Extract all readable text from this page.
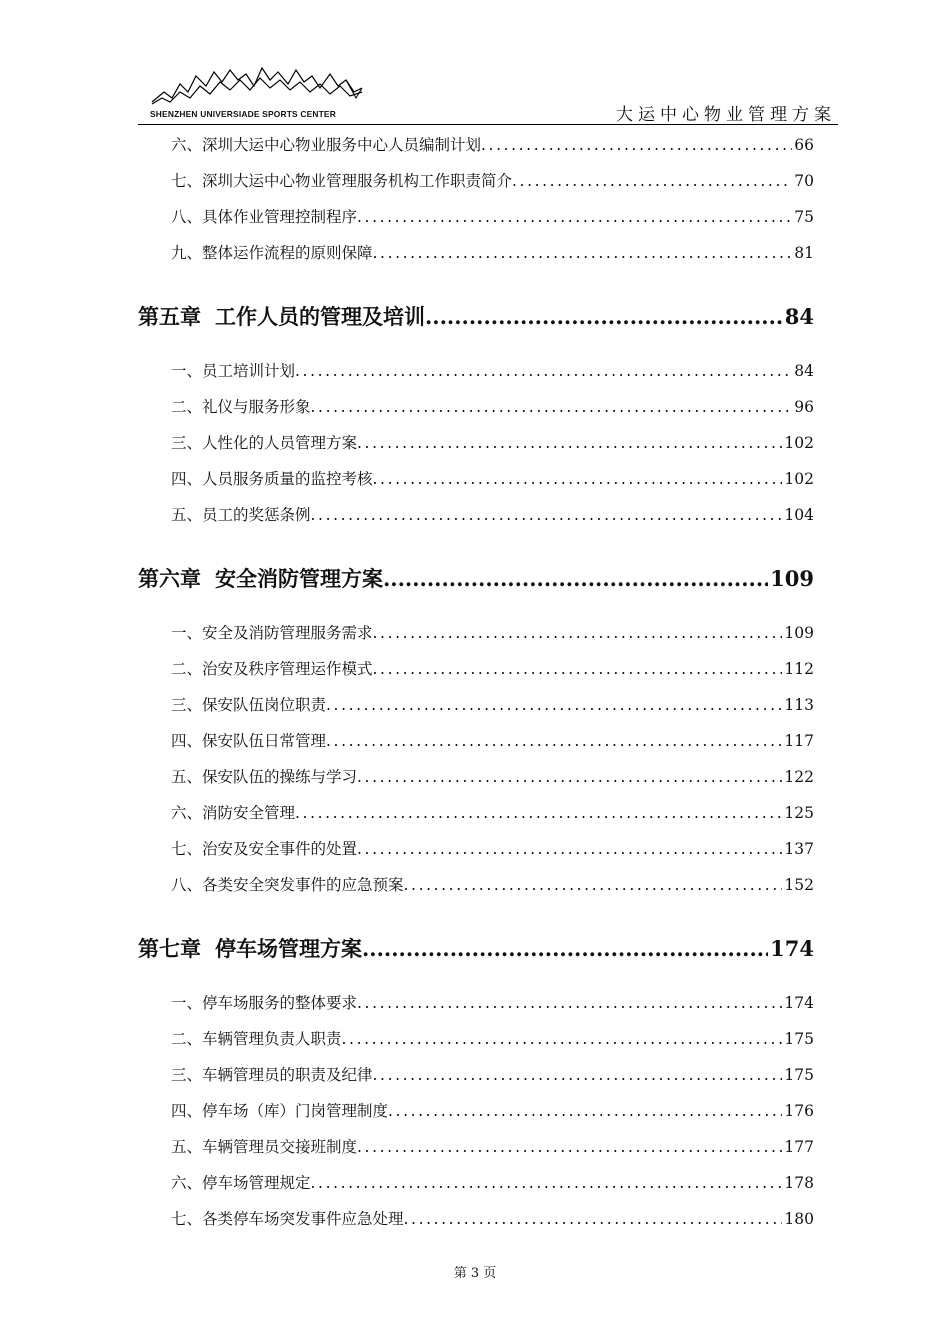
SHENZHEN UNIVERSIADE SPORTS CENTER	大运中心物业管理方案
六、深圳大运中心物业服务中心人员编制计划 .....	66
七、深圳大运中心物业管理服务机构工作职责简介 .....	70
八、具体作业管理控制程序 .....	75
九、整体运作流程的原则保障 .....	81
第五章 工作人员的管理及培训 .....	84
一、员工培训计划 .....	84
二、礼仪与服务形象 .....	96
三、人性化的人员管理方案 .....	102
四、人员服务质量的监控考核 .....	102
五、员工的奖惩条例 .....	104
第六章 安全消防管理方案 .....	109
一、安全及消防管理服务需求 .....	109
二、治安及秩序管理运作模式 .....	112
三、保安队伍岗位职责 .....	113
四、保安队伍日常管理 .....	117
五、保安队伍的操练与学习 .....	122
六、消防安全管理 .....	125
七、治安及安全事件的处置 .....	137
八、各类安全突发事件的应急预案 .....	152
第七章 停车场管理方案 .....	174
一、停车场服务的整体要求 .....	174
二、车辆管理负责人职责 .....	175
三、车辆管理员的职责及纪律 .....	175
四、停车场（库）门岗管理制度 .....	176
五、车辆管理员交接班制度 .....	177
六、停车场管理规定 .....	178
七、各类停车场突发事件应急处理 .....	180
第 3 页
